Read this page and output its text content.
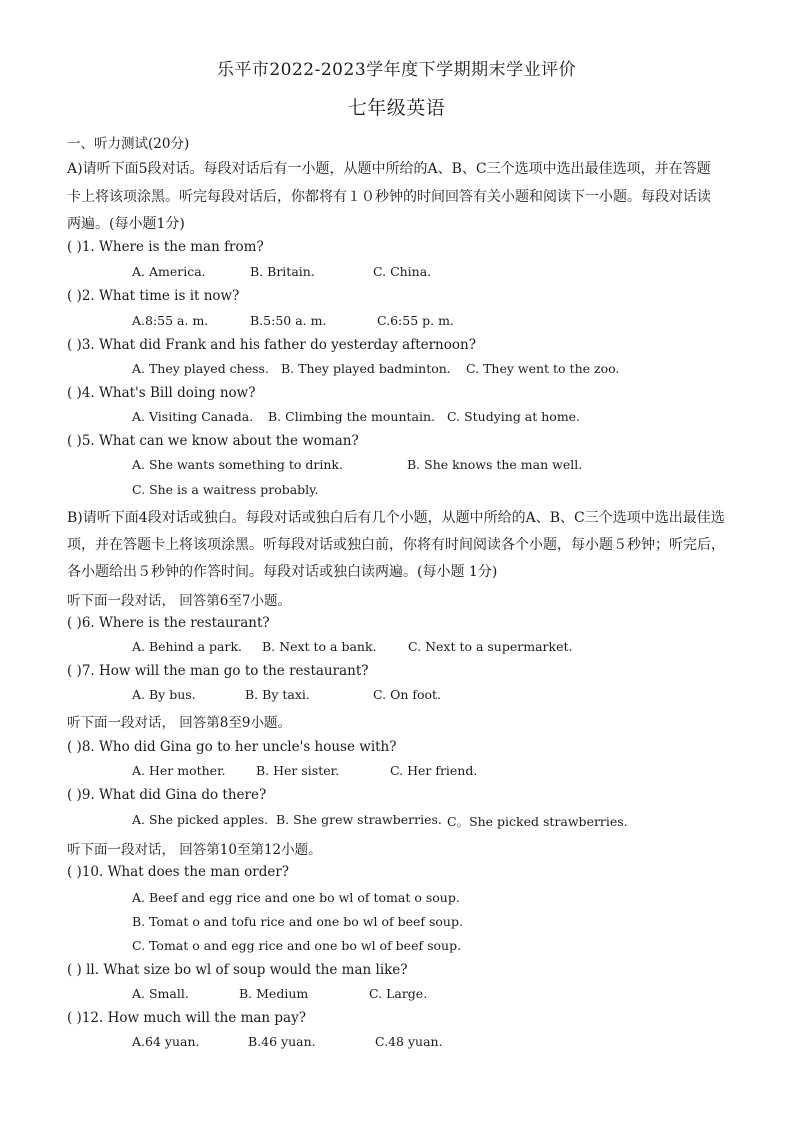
乐平市2022-2023学年度下学期期末学业评价
七年级英语
一、听力测试(20分)
A)请听下面5段对话。每段对话后有一小题，从题中所给的A、B、C三个选项中选出最佳选项，并在答题
卡上将该项涂黑。听完每段对话后，你都将有１０秒钟的时间回答有关小题和阅读下一小题。每段对话读
两遍。(每小题1分)
( )1. Where is the man from?
A. America.	B. Britain.	C. China.
( )2. What time is it now?
A.8:55 a. m.	B.5:50 a. m.	C.6:55 p. m.
( )3. What did Frank and his father do yesterday afternoon?
A. They played chess. B. They played badminton. C. They went to the zoo.
( )4. What's Bill doing now?
A. Visiting Canada. B. Climbing the mountain. C. Studying at home.
( )5. What can we know about the woman?
A. She wants something to drink.	B. She knows the man well.
C. She is a waitress probably.
B)请听下面4段对话或独白。每段对话或独白后有几个小题，从题中所给的A、B、C三个选项中选出最佳选
项，并在答题卡上将该项涂黑。听每段对话或独白前，你将有时间阅读各个小题，每小题５秒钟；听完后，
各小题给出５秒钟的作答时间。每段对话或独白读两遍。(每小题 1分)
听下面一段对话， 回答第6至7小题。
( )6. Where is the restaurant?
A. Behind a park. B. Next to a bank.	C. Next to a supermarket.
( )7. How will the man go to the restaurant?
A. By bus.	B. By taxi.	C. On foot.
听下面一段对话， 回答第8至9小题。
( )8. Who did Gina go to her uncle's house with?
A. Her mother. B. Her sister.	C. Her friend.
( )9. What did Gina do there?
A. She picked apples. B. She grew strawberries. C。She picked strawberries.
听下面一段对话， 回答第10至第12小题。
( )10. What does the man order?
A. Beef and egg rice and one bo wl of tomat o soup.
B. Tomat o and tofu rice and one bo wl of beef soup.
C. Tomat o and egg rice and one bo wl of beef soup.
( ) ll. What size bo wl of soup would the man like?
A. Small.	B. Medium	C. Large.
( )12. How much will the man pay?
A.64 yuan.	B.46 yuan.	C.48 yuan.
